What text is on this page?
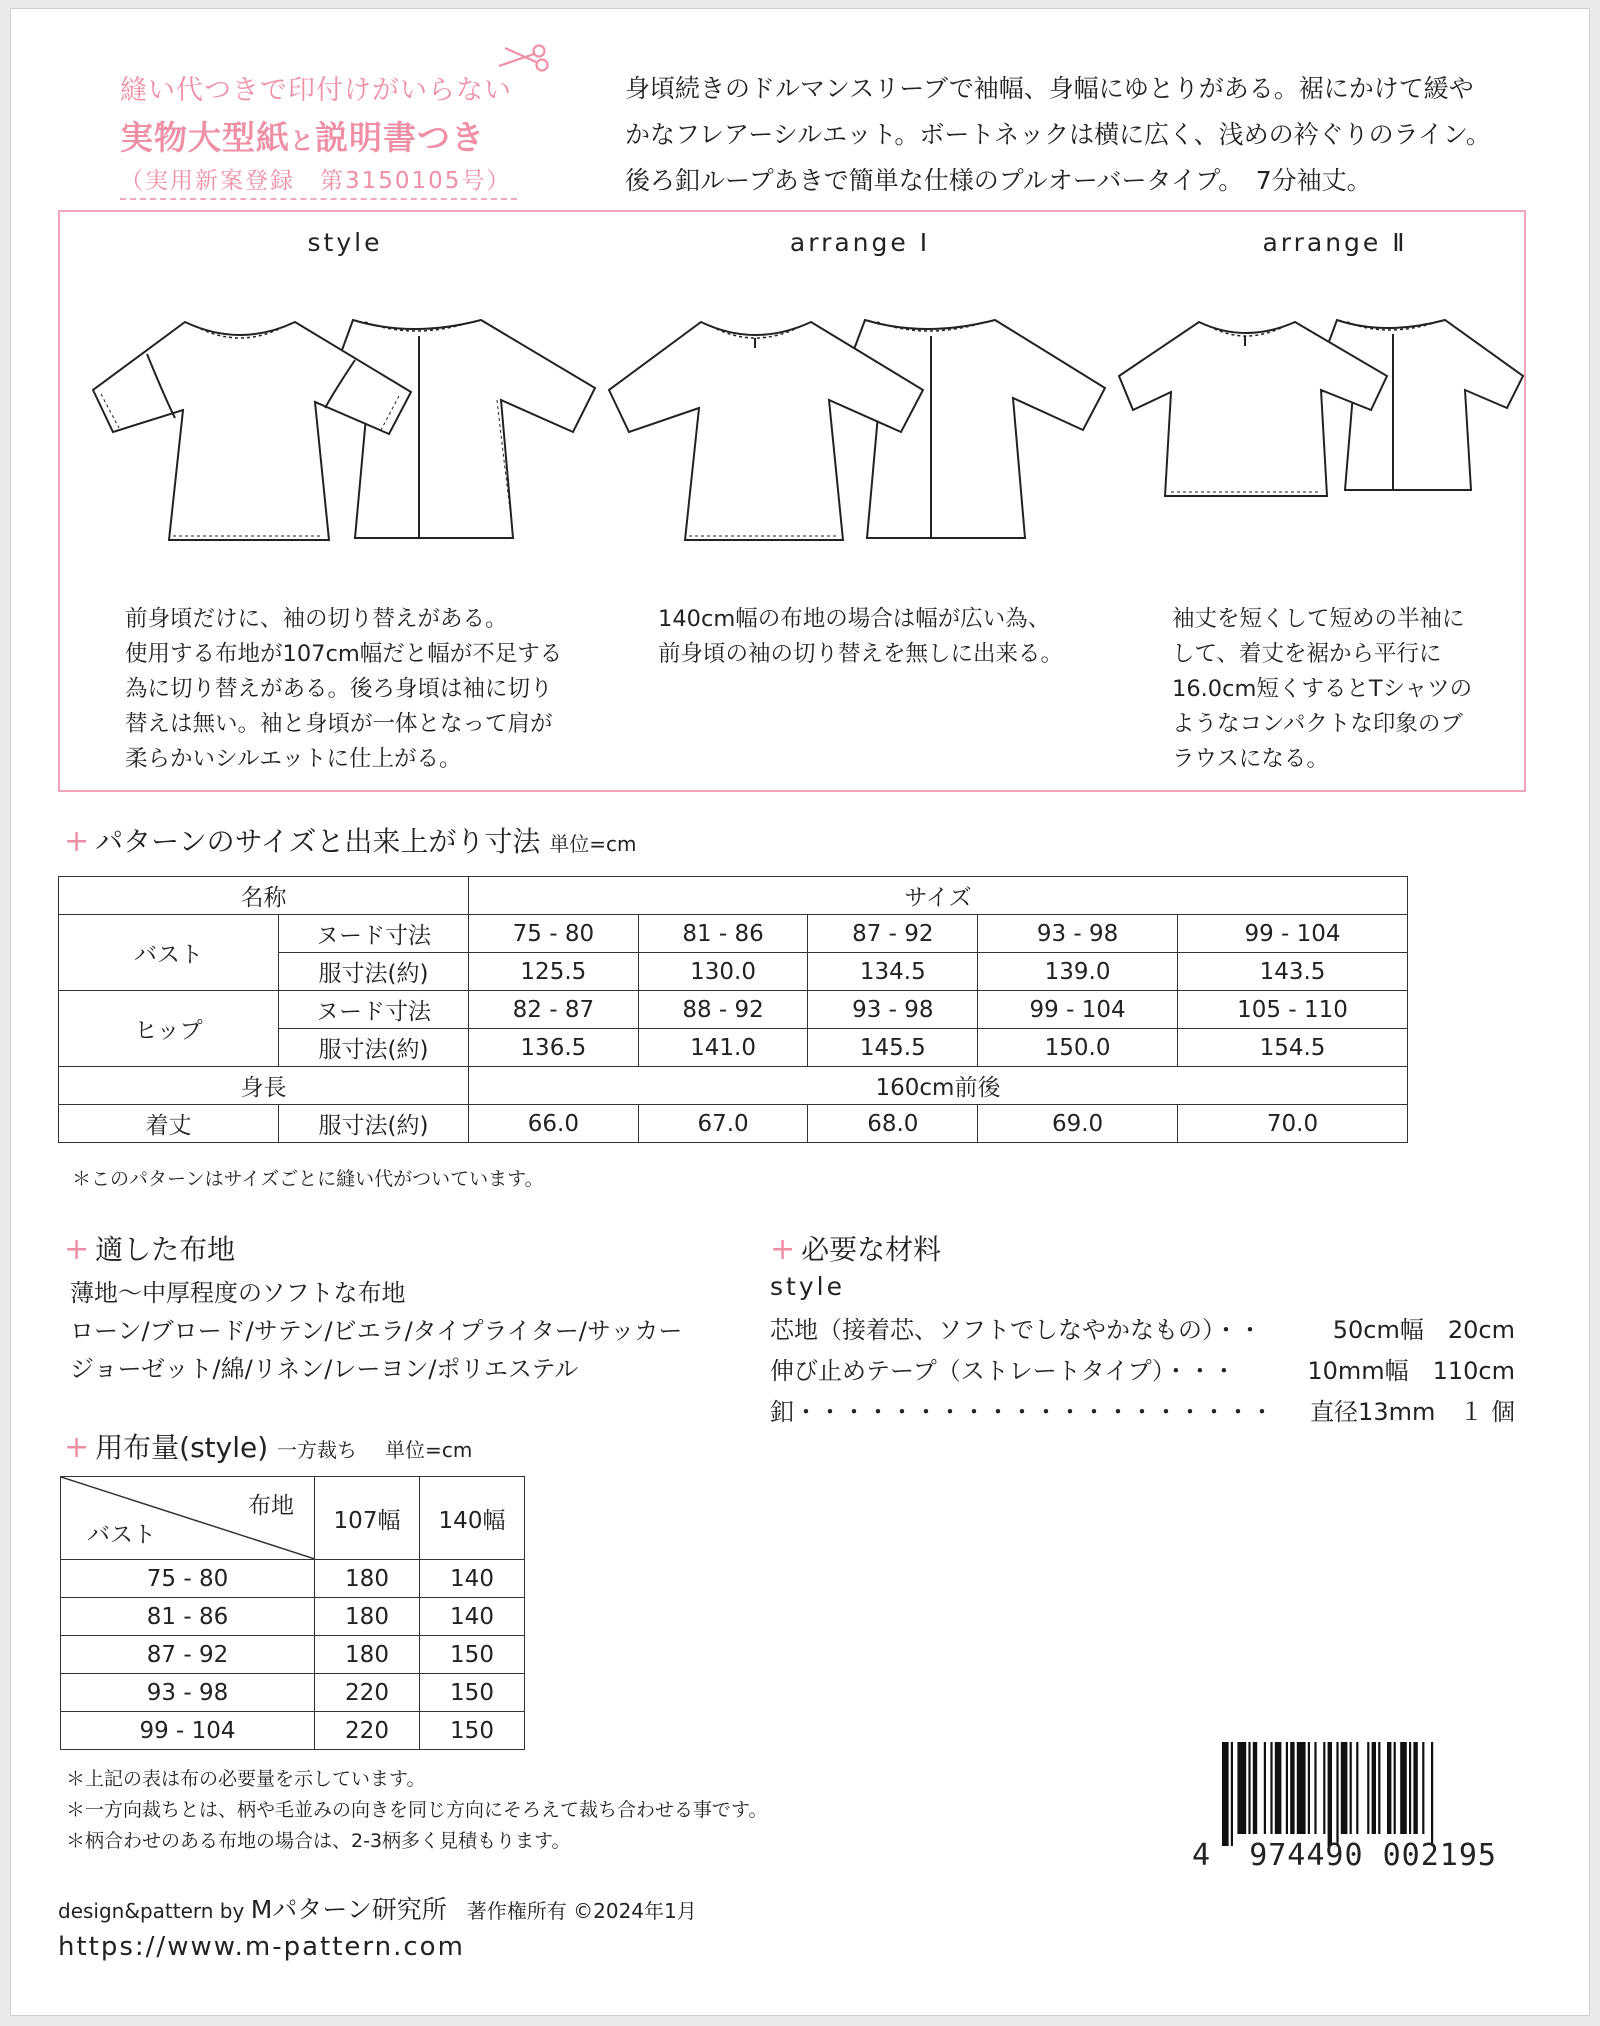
縫い代つきで印付けがいらない
実物大型紙と説明書つき
（実用新案登録　第3150105号）
身頃続きのドルマンスリーブで袖幅、身幅にゆとりがある。裾にかけて緩や
かなフレアーシルエット。ボートネックは横に広く、浅めの衿ぐりのライン。
後ろ釦ループあきで簡単な仕様のプルオーバータイプ。　7分袖丈。
style	arrange Ⅰ	arrange Ⅱ
前身頃だけに、袖の切り替えがある。
使用する布地が107cm幅だと幅が不足する
為に切り替えがある。後ろ身頃は袖に切り
替えは無い。袖と身頃が一体となって肩が
柔らかいシルエットに仕上がる。
140cm幅の布地の場合は幅が広い為、
前身頃の袖の切り替えを無しに出来る。
袖丈を短くして短めの半袖に
して、着丈を裾から平行に
16.0cm短くするとTシャツの
ようなコンパクトな印象のブ
ラウスになる。
+ パターンのサイズと出来上がり寸法 単位=cm
名称		サイズ				
バスト	ヌード寸法	75 - 80	81 - 86	87 - 92	93 - 98	99 - 104
	服寸法(約)	125.5	130.0	134.5	139.0	143.5
ヒップ	ヌード寸法	82 - 87	88 - 92	93 - 98	99 - 104	105 - 110
	服寸法(約)	136.5	141.0	145.5	150.0	154.5
身長		160cm前後				
着丈	服寸法(約)	66.0	67.0	68.0	69.0	70.0
＊このパターンはサイズごとに縫い代がついています。
+ 適した布地
薄地～中厚程度のソフトな布地
ローン/ブロード/サテン/ビエラ/タイプライター/サッカー
ジョーゼット/綿/リネン/レーヨン/ポリエステル
+ 必要な材料
style
芯地（接着芯、ソフトでしなやかなもの）・・	50cm幅　20cm
伸び止めテープ（ストレートタイプ）・・・	10mm幅　110cm
釦・・・・・・・・・・・・・・・・・・・・ 直径13mm　１ 個
+ 用布量(style) 一方裁ち　 単位=cm
布地
バスト	107幅	140幅
75 - 80	180	140
81 - 86	180	140
87 - 92	180	150
93 - 98	220	150
99 - 104	220	150
＊上記の表は布の必要量を示しています。
＊一方向裁ちとは、柄や毛並みの向きを同じ方向にそろえて裁ち合わせる事です。
＊柄合わせのある布地の場合は、2-3柄多く見積もります。	4 974490 002195
design&pattern by Mパターン研究所　 著作権所有 ©2024年1月
https://www.m-pattern.com
